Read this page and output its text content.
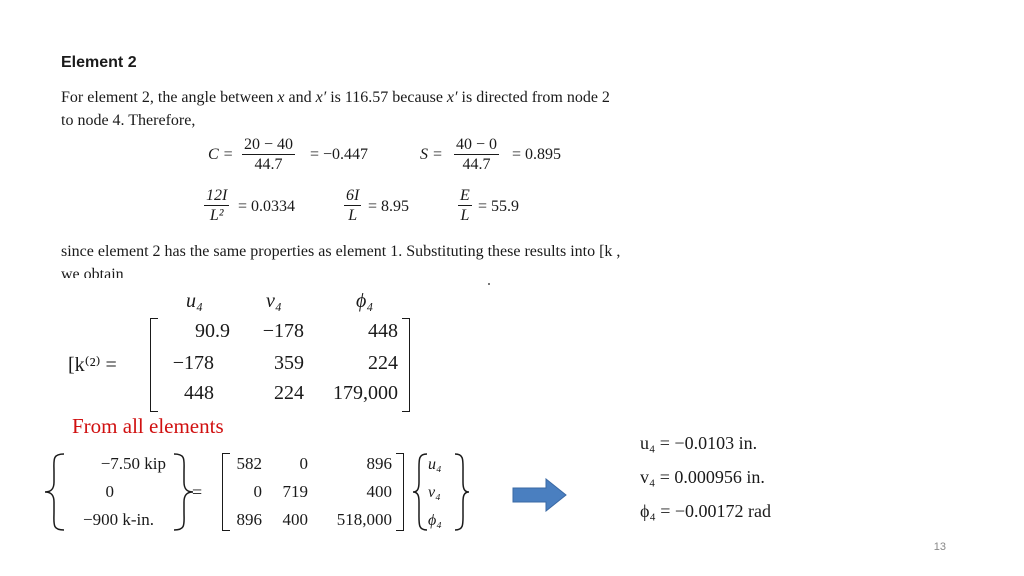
Element 2
For element 2, the angle between x and x′ is 116.57 because x′ is directed from node 2
to node 4. Therefore,
C =
20 − 40
44.7
= −0.447	S =
40 − 0
44.7
= 0.895
12I
L²
= 0.0334
6I
L
= 8.95
E
L
= 55.9
since element 2 has the same properties as element 1. Substituting these results into [k ,
we obtain
u₄	v₄	ϕ₄
[k⁽²⁾ =
90.9	−178	448
−178	359	224
448	224	179,000
From all elements
−7.50 kip
0
−900 k-in.
=
582	0	896
0	719	400
896	400	518,000
u₄
v₄
ϕ₄
u₄ = −0.0103 in.
v₄ = 0.000956 in.
ϕ₄ = −0.00172 rad
13
